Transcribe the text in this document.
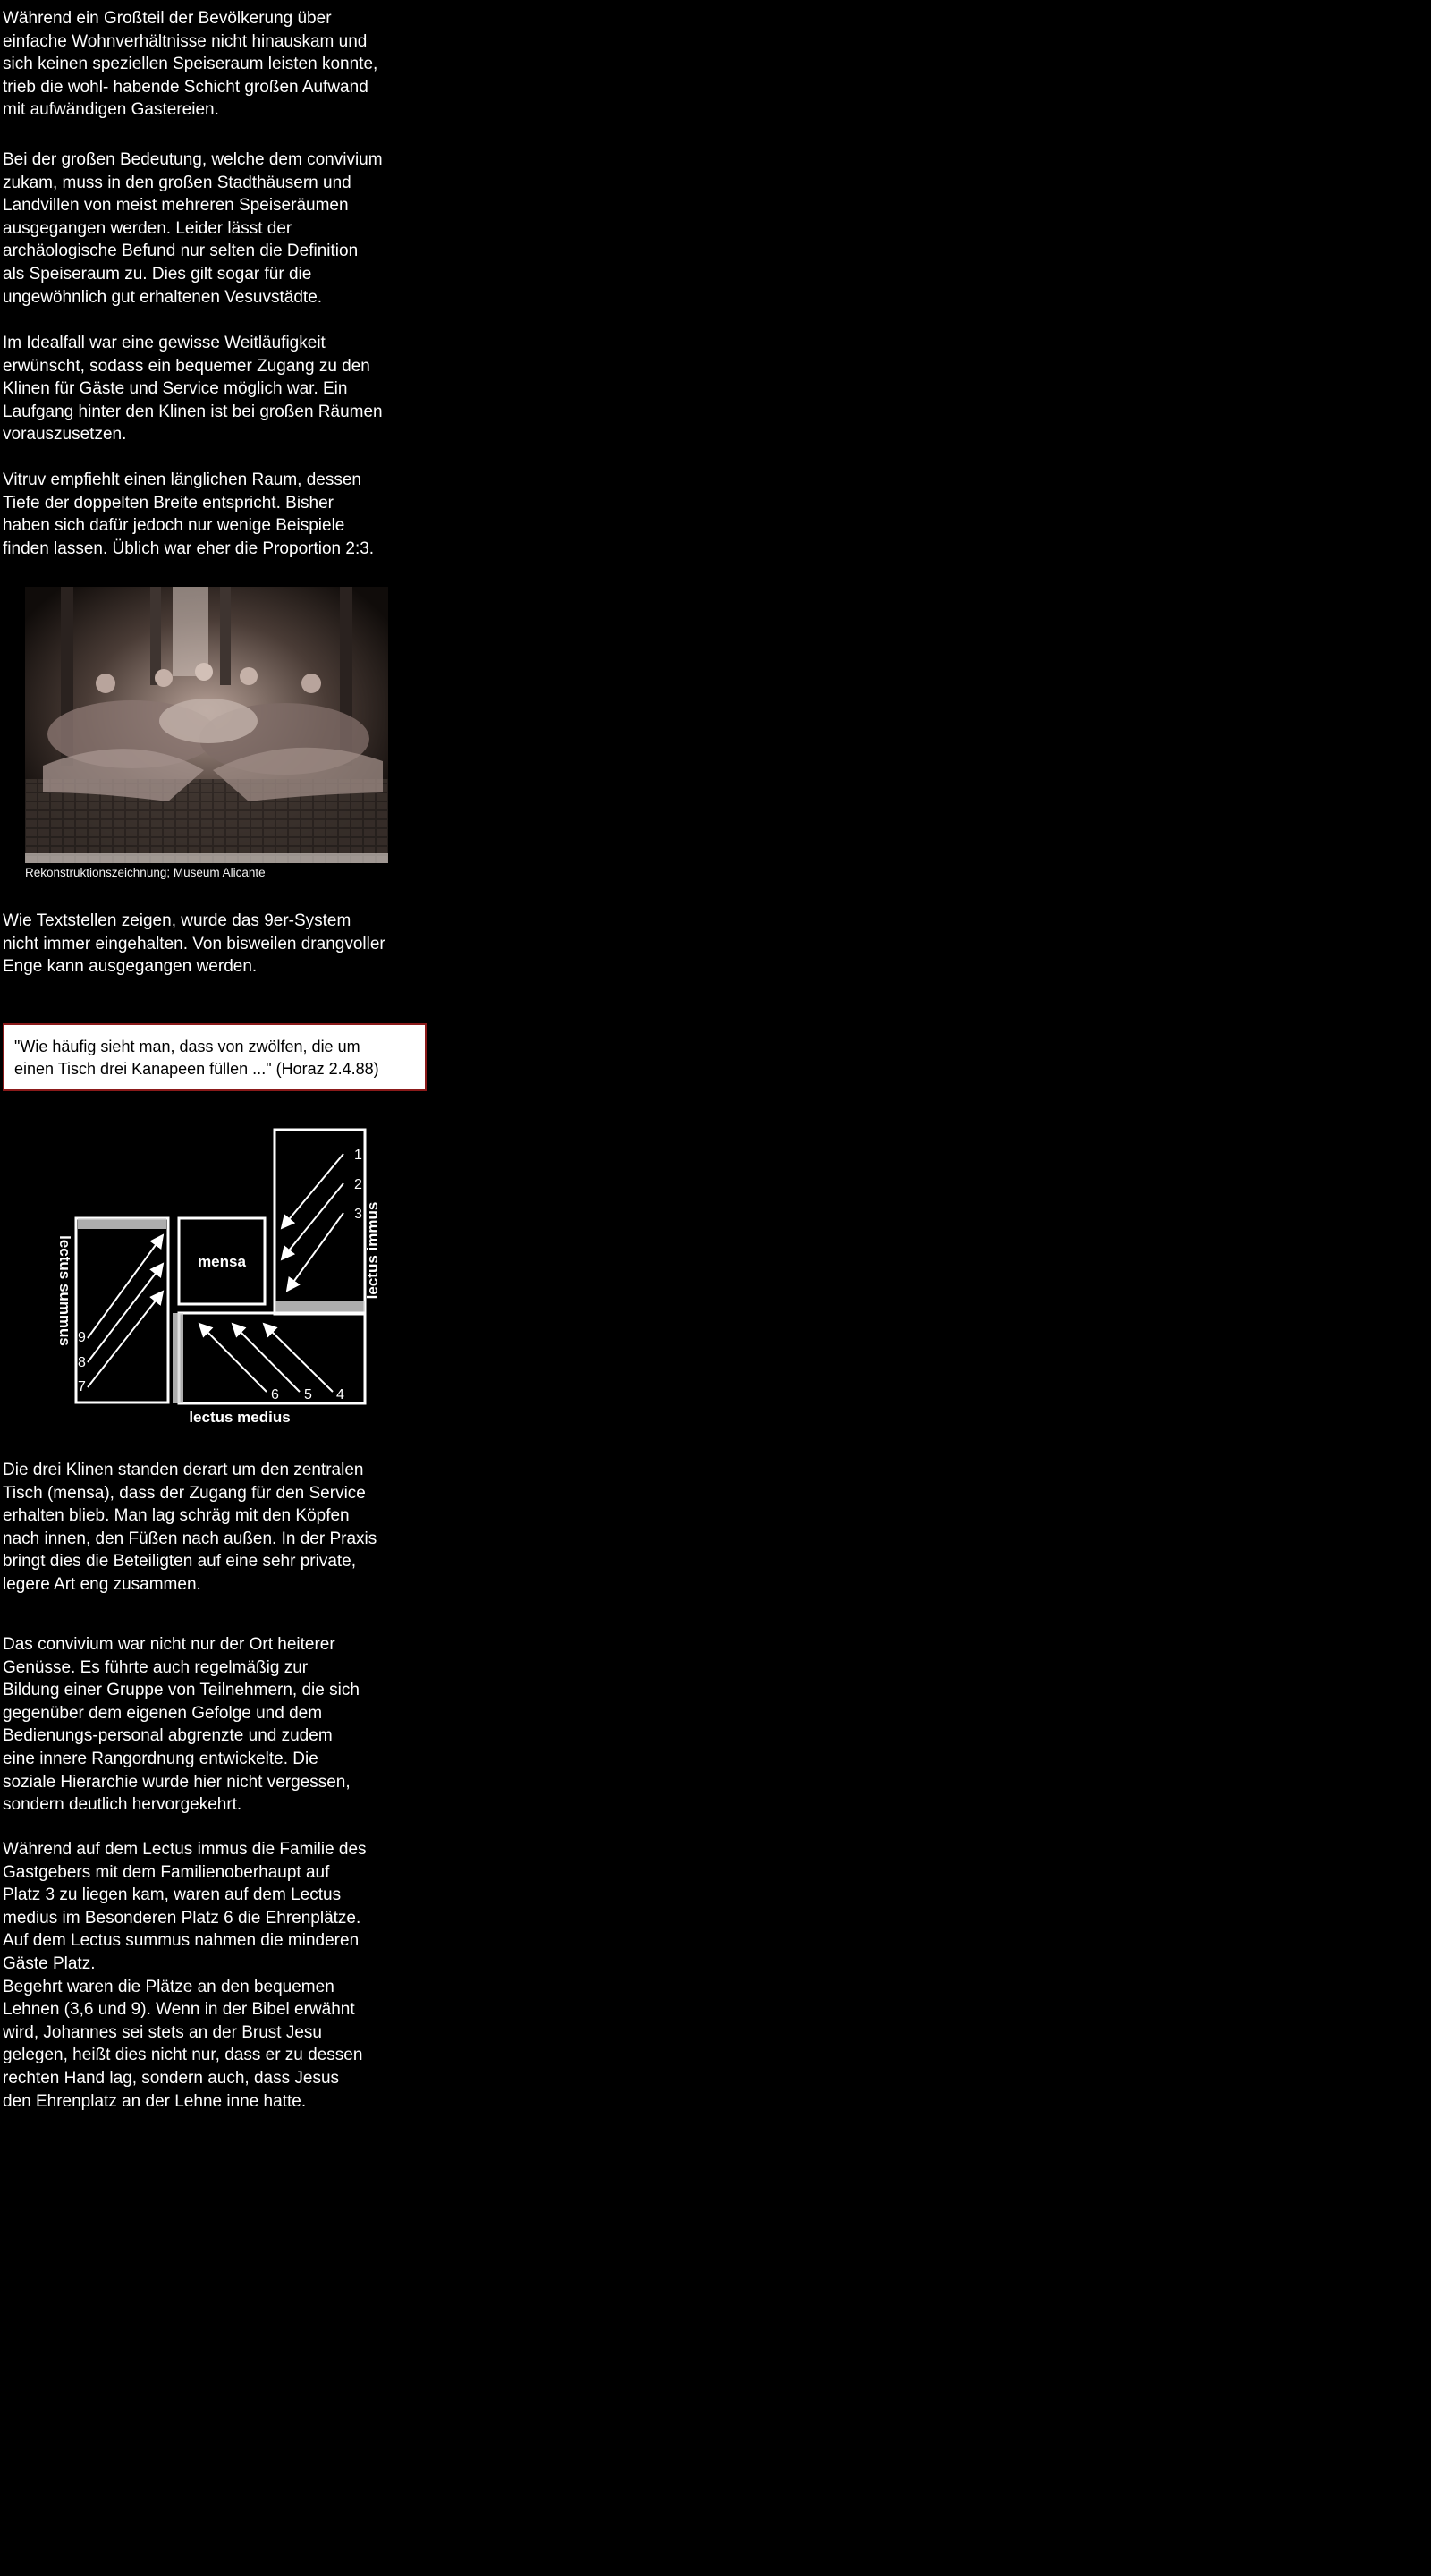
Während ein Großteil der Bevölkerung über
einfache Wohnverhältnisse nicht hinauskam und
sich keinen speziellen Speiseraum leisten konnte,
trieb die wohl- habende Schicht großen Aufwand
mit aufwändigen Gastereien.

Bei der großen Bedeutung, welche dem convivium
zukam, muss in den großen Stadthäusern und
Landvillen von meist mehreren Speiseräumen
ausgegangen werden. Leider lässt der
archäologische Befund nur selten die Definition
als Speiseraum zu. Dies gilt sogar für die
ungewöhnlich gut erhaltenen Vesuvstädte.

Im Idealfall war eine gewisse Weitläufigkeit
erwünscht, sodass ein bequemer Zugang zu den
Klinen für Gäste und Service möglich war. Ein
Laufgang hinter den Klinen ist bei großen Räumen
vorauszusetzen.

Vitruv empfiehlt einen länglichen Raum, dessen
Tiefe der doppelten Breite entspricht. Bisher
haben sich dafür jedoch nur wenige Beispiele
finden lassen. Üblich war eher die Proportion 2:3.

Rekonstruktionszeichnung; Museum Alicante

Wie Textstellen zeigen, wurde das 9er-System
nicht immer eingehalten. Von bisweilen drangvoller
Enge kann ausgegangen werden.

"Wie häufig sieht man, dass von zwölfen, die um
einen Tisch drei Kanapeen füllen ..." (Horaz 2.4.88)
mensa	lectus immus
lectus summus
lectus medius
1
2
3
4
5
6
7
8
9

Die drei Klinen standen derart um den zentralen
Tisch (mensa), dass der Zugang für den Service
erhalten blieb. Man lag schräg mit den Köpfen
nach innen, den Füßen nach außen. In der Praxis
bringt dies die Beteiligten auf eine sehr private,
legere Art eng zusammen.

Das convivium war nicht nur der Ort heiterer
Genüsse. Es führte auch regelmäßig zur
Bildung einer Gruppe von Teilnehmern, die sich
gegenüber dem eigenen Gefolge und dem
Bedienungs-personal abgrenzte und zudem
eine innere Rangordnung entwickelte. Die
soziale Hierarchie wurde hier nicht vergessen,
sondern deutlich hervorgekehrt.

Während auf dem Lectus immus die Familie des
Gastgebers mit dem Familienoberhaupt auf
Platz 3 zu liegen kam, waren auf dem Lectus
medius im Besonderen Platz 6 die Ehrenplätze.
Auf dem Lectus summus nahmen die minderen
Gäste Platz.
Begehrt waren die Plätze an den bequemen
Lehnen (3,6 und 9). Wenn in der Bibel erwähnt
wird, Johannes sei stets an der Brust Jesu
gelegen, heißt dies nicht nur, dass er zu dessen
rechten Hand lag, sondern auch, dass Jesus
den Ehrenplatz an der Lehne inne hatte.
